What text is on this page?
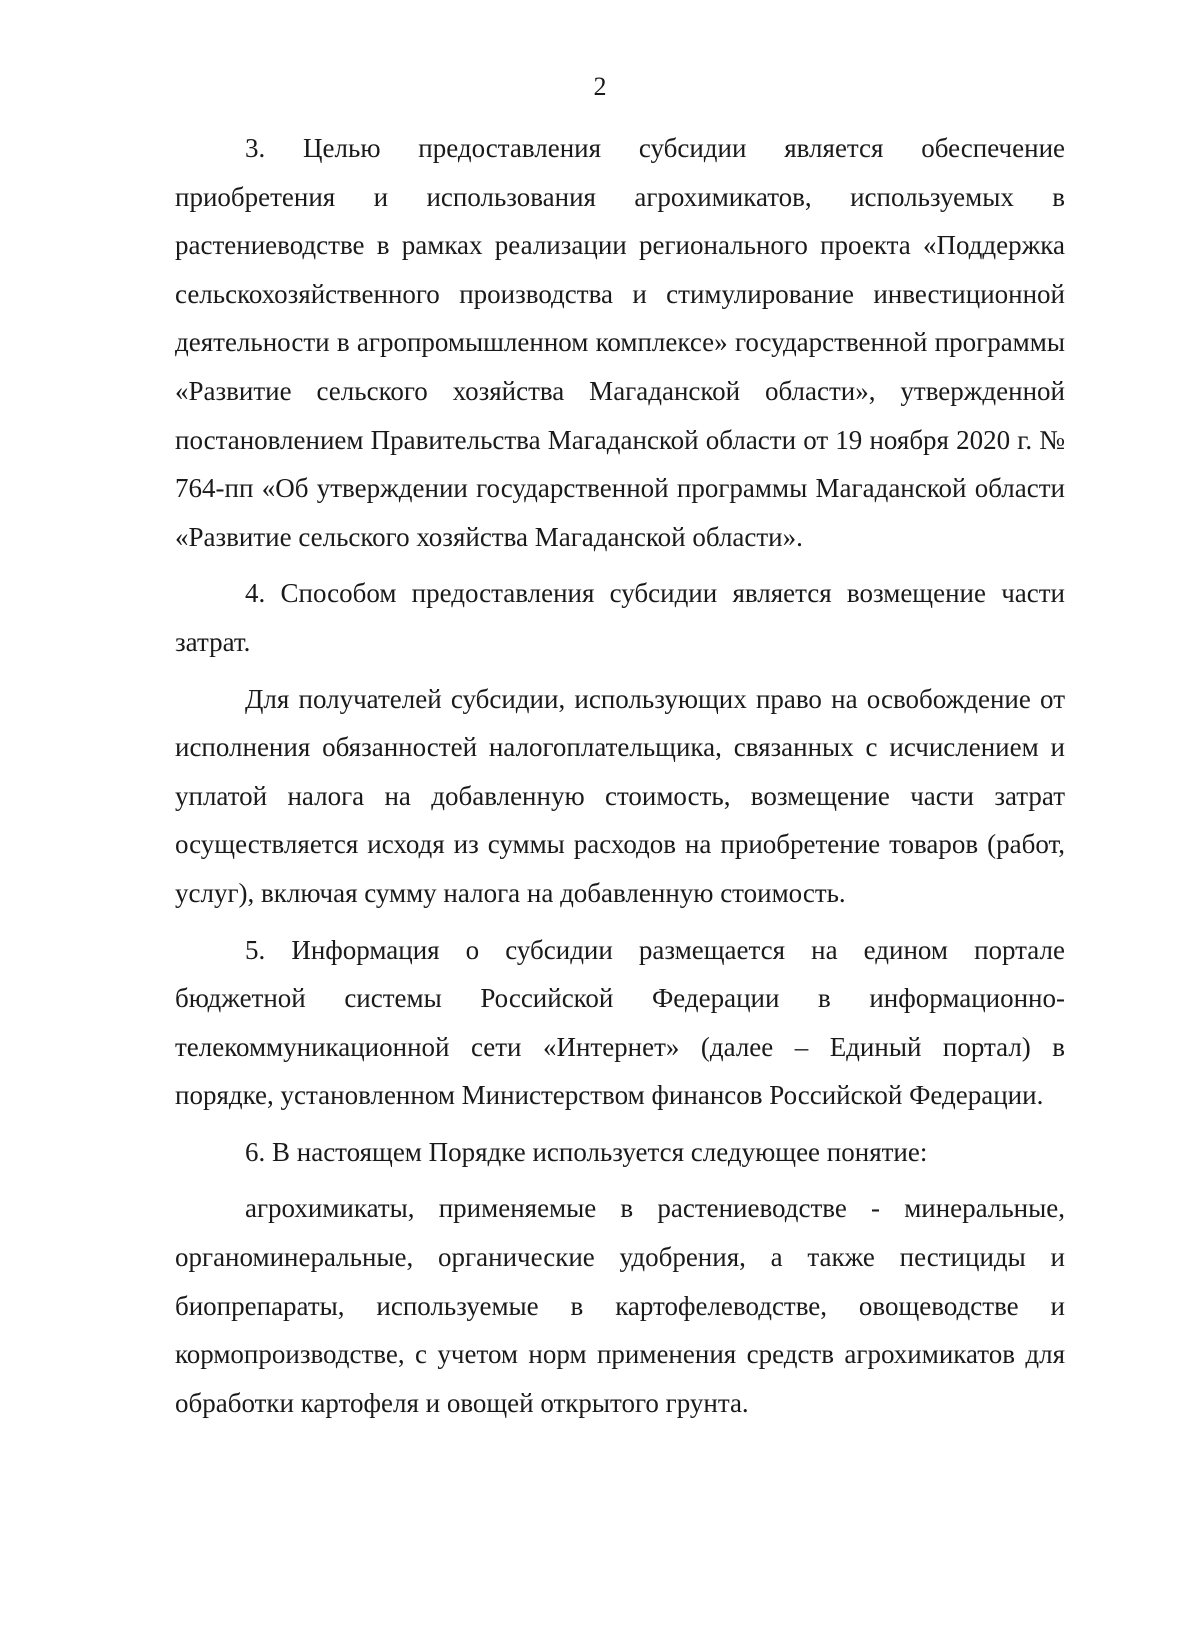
2

3. Целью предоставления субсидии является обеспечение приобретения и использования агрохимикатов, используемых в растениеводстве в рамках реализации регионального проекта «Поддержка сельскохозяйственного производства и стимулирование инвестиционной деятельности в агропромышленном комплексе» государственной программы «Развитие сельского хозяйства Магаданской области», утвержденной постановлением Правительства Магаданской области от 19 ноября 2020 г. № 764-пп «Об утверждении государственной программы Магаданской области «Развитие сельского хозяйства Магаданской области».

4. Способом предоставления субсидии является возмещение части затрат.

Для получателей субсидии, использующих право на освобождение от исполнения обязанностей налогоплательщика, связанных с исчислением и уплатой налога на добавленную стоимость, возмещение части затрат осуществляется исходя из суммы расходов на приобретение товаров (работ, услуг), включая сумму налога на добавленную стоимость.

5. Информация о субсидии размещается на едином портале бюджетной системы Российской Федерации в информационно-телекоммуникационной сети «Интернет» (далее – Единый портал) в порядке, установленном Министерством финансов Российской Федерации.

6. В настоящем Порядке используется следующее понятие:

агрохимикаты, применяемые в растениеводстве - минеральные, органоминеральные, органические удобрения, а также пестициды и биопрепараты, используемые в картофелеводстве, овощеводстве и кормопроизводстве, с учетом норм применения средств агрохимикатов для обработки картофеля и овощей открытого грунта.
